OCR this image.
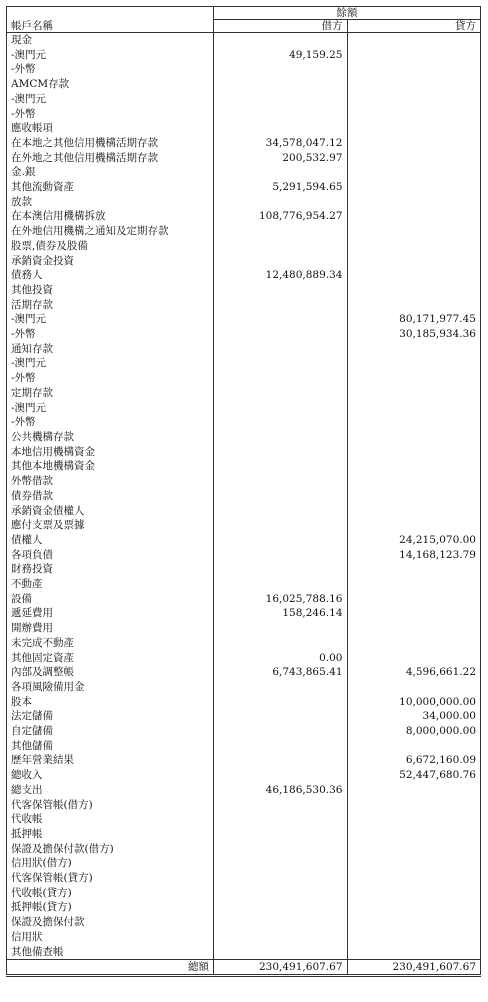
	餘額	
帳戶名稱	借方	貸方
現金		
-澳門元	49,159.25	
-外幣		
AMCM存款		
-澳門元		
-外幣		
應收帳項		
在本地之其他信用機構活期存款	34,578,047.12	
在外地之其他信用機構活期存款	200,532.97	
金.銀		
其他流動資產	5,291,594.65	
放款		
在本澳信用機構拆放	108,776,954.27	
在外地信用機構之通知及定期存款		
股票,債券及股備		
承銷資金投資		
債務人	12,480,889.34	
其他投資		
活期存款		
-澳門元		80,171,977.45
-外幣		30,185,934.36
通知存款		
-澳門元		
-外幣		
定期存款		
-澳門元		
-外幣		
公共機構存款		
本地信用機構資金		
其他本地機構資金		
外幣借款		
債券借款		
承銷資金債權人		
應付支票及票據		
債權人		24,215,070.00
各項負債		14,168,123.79
財務投資		
不動產		
設備	16,025,788.16	
遞延費用	158,246.14	
開辦費用		
未完成不動產		
其他固定資產	0.00	
內部及調整帳	6,743,865.41	4,596,661.22
各項風險備用金		
股本		10,000,000.00
法定儲備		34,000.00
自定儲備		8,000,000.00
其他儲備		
歷年營業結果		6,672,160.09
總收入		52,447,680.76
總支出	46,186,530.36	
代客保管帳(借方)		
代收帳		
抵押帳		
保證及擔保付款(借方)		
信用狀(借方)		
代客保管帳(貸方)		
代收帳(貸方)		
抵押帳(貸方)		
保證及擔保付款		
信用狀		
其他備查帳		
總額	230,491,607.67	230,491,607.67
